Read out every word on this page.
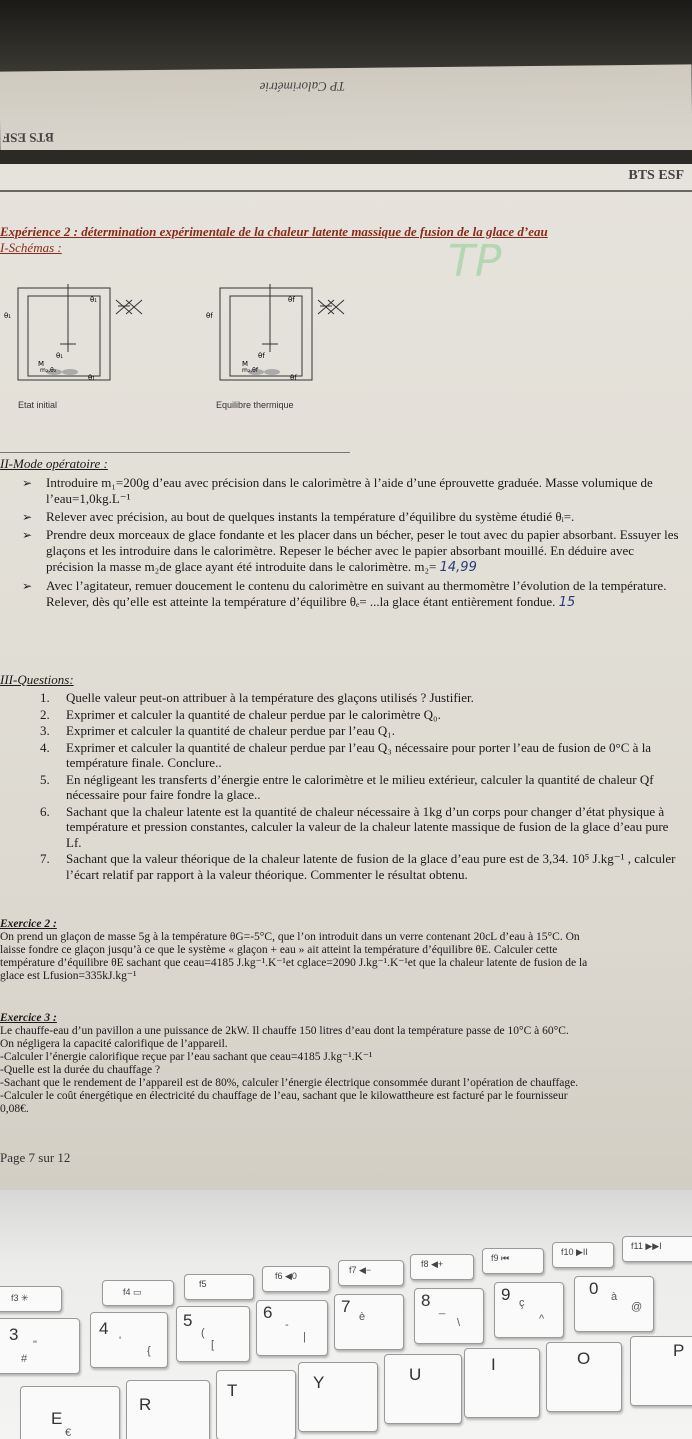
TP Calorimétrie
BTS ESF
BTS ESF
Expérience 2 : détermination expérimentale de la chaleur latente massique de fusion de la glace d’eau
I-Schémas :	TP
θ₁
θ₁
θ₁
M
m₂,θ₂
θ₁
Etat initial
θf
θf
θf
M
m₂,θf
θf
Equilibre thermique
II-Mode opératoire :
➢ Introduire m₁=200g d’eau avec précision dans le calorimètre à l’aide d’une éprouvette graduée. Masse volumique de l’eau=1,0kg.L⁻¹
➢ Relever avec précision, au bout de quelques instants la température d’équilibre du système étudié θᵢ=.
➢ Prendre deux morceaux de glace fondante et les placer dans un bécher, peser le tout avec du papier absorbant. Essuyer les glaçons et les introduire dans le calorimètre. Repeser le bécher avec le papier absorbant mouillé. En déduire avec précision la masse m₂de glace ayant été introduite dans le calorimètre. m₂= 14,99
➢ Avec l’agitateur, remuer doucement le contenu du calorimètre en suivant au thermomètre l’évolution de la température. Relever, dès qu’elle est atteinte la température d’équilibre θₑ= ...la glace étant entièrement fondue. 15
III-Questions:
1. Quelle valeur peut-on attribuer à la température des glaçons utilisés ? Justifier.
2. Exprimer et calculer la quantité de chaleur perdue par le calorimètre Q₀.
3. Exprimer et calculer la quantité de chaleur perdue par l’eau Q₁.
4. Exprimer et calculer la quantité de chaleur perdue par l’eau Q₃ nécessaire pour porter l’eau de fusion de 0°C à la température finale. Conclure..
5. En négligeant les transferts d’énergie entre le calorimètre et le milieu extérieur, calculer la quantité de chaleur Qf nécessaire pour faire fondre la glace..
6. Sachant que la chaleur latente est la quantité de chaleur nécessaire à 1kg d’un corps pour changer d’état physique à température et pression constantes, calculer la valeur de la chaleur latente massique de fusion de la glace d’eau pure Lf.
7. Sachant que la valeur théorique de la chaleur latente de fusion de la glace d’eau pure est de 3,34. 10⁵ J.kg⁻¹ , calculer l’écart relatif par rapport à la valeur théorique. Commenter le résultat obtenu.
Exercice 2 :
On prend un glaçon de masse 5g à la température θG=-5°C, que l’on introduit dans un verre contenant 20cL d’eau à 15°C. On
laisse fondre ce glaçon jusqu’à ce que le système « glaçon + eau » ait atteint la température d’équilibre θE. Calculer cette
température d’équilibre θE sachant que ceau=4185 J.kg⁻¹.K⁻¹et cglace=2090 J.kg⁻¹.K⁻¹et que la chaleur latente de fusion de la
glace est Lfusion=335kJ.kg⁻¹
Exercice 3 :
Le chauffe-eau d’un pavillon a une puissance de 2kW. Il chauffe 150 litres d’eau dont la température passe de 10°C à 60°C.
On négligera la capacité calorifique de l’appareil.
-Calculer l’énergie calorifique reçue par l’eau sachant que ceau=4185 J.kg⁻¹.K⁻¹
-Quelle est la durée du chauffage ?
-Sachant que le rendement de l’appareil est de 80%, calculer l’énergie électrique consommée durant l’opération de chauffage.
-Calculer le coût énergétique en électricité du chauffage de l’eau, sachant que le kilowattheure est facturé par le fournisseur
0,08€.
Page 7 sur 12
f3 ✳
f4 ▭
f5
f6 ◀0
f7 ◀−
f8 ◀+
f9 ⏮
f10 ▶II
f11 ▶▶I
3
"
#
4
'
{
5
(
[
6
-
|
7
è
8 _
\
9 ç
^
0 à
@
E
€
R
T	Y	U
I	O	P
